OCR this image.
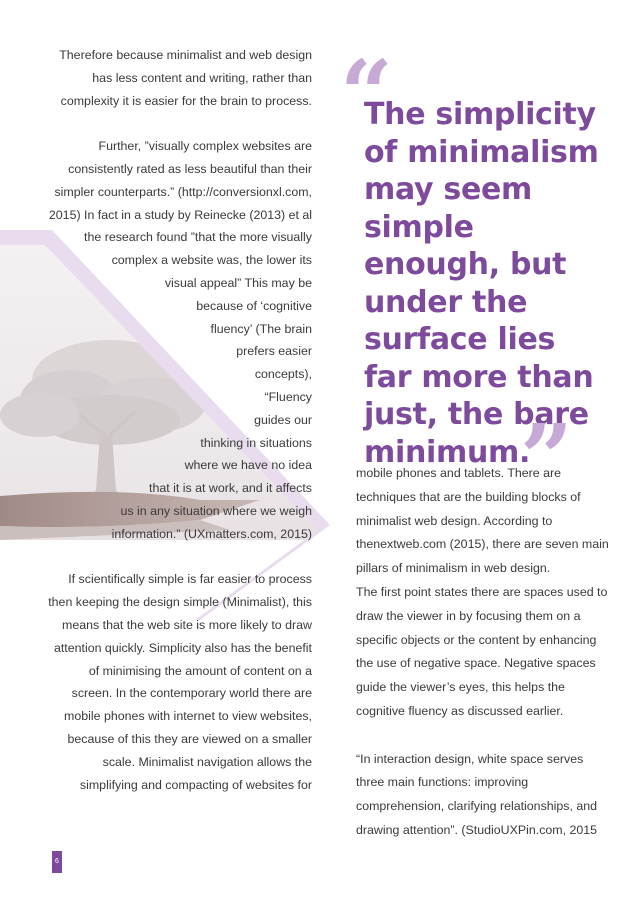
Therefore because minimalist and web design
has less content and writing, rather than
complexity it is easier for the brain to process.
Further, ”visually complex websites are
consistently rated as less beautiful than their
simpler counterparts.” (http://conversionxl.com,
2015) In fact in a study by Reinecke (2013) et al
the research found ”that the more visually
complex a website was, the lower its
visual appeal” This may be
because of ‘cognitive
fluency’ (The brain
prefers easier
concepts),
“Fluency
guides our
thinking in situations
where we have no idea
that it is at work, and it affects
us in any situation where we weigh
information.” (UXmatters.com, 2015)
If scientifically simple is far easier to process
then keeping the design simple (Minimalist), this
means that the web site is more likely to draw
attention quickly. Simplicity also has the benefit
of minimising the amount of content on a
screen. In the contemporary world there are
mobile phones with internet to view websites,
because of this they are viewed on a smaller
scale. Minimalist navigation allows the
simplifying and compacting of websites for
“
The simplicity
of minimalism
may seem
simple
enough, but
under the
surface lies
far more than
just, the bare
minimum.
”
mobile phones and tablets. There are
techniques that are the building blocks of
minimalist web design. According to
thenextweb.com (2015), there are seven main
pillars of minimalism in web design.
The first point states there are spaces used to
draw the viewer in by focusing them on a
specific objects or the content by enhancing
the use of negative space. Negative spaces
guide the viewer’s eyes, this helps the
cognitive fluency as discussed earlier.
“In interaction design, white space serves
three main functions: improving
comprehension, clarifying relationships, and
drawing attention”. (StudioUXPin.com, 2015
6
